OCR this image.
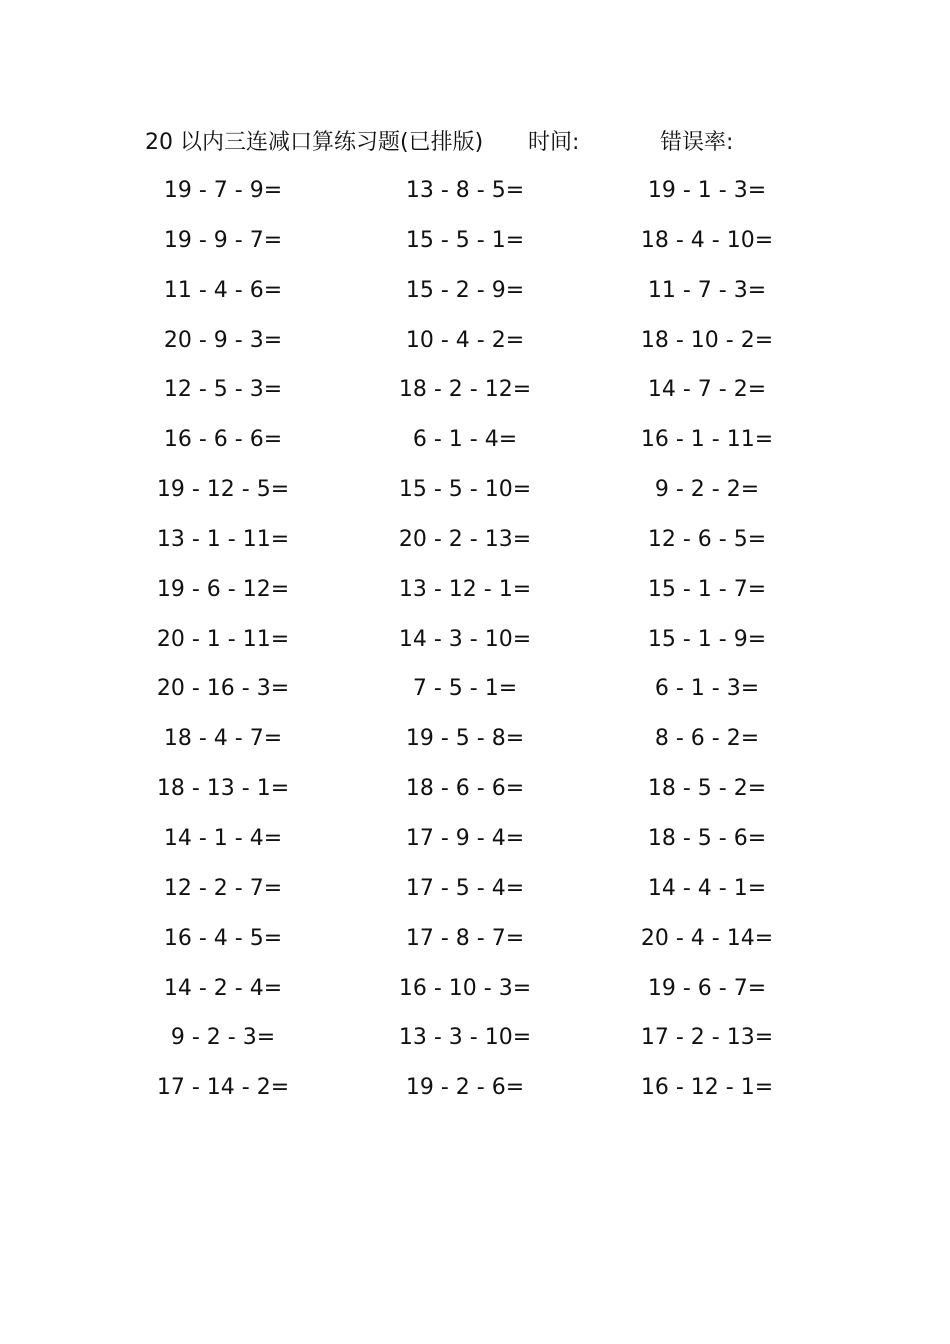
20 以内三连减口算练习题(已排版) 时间:	错误率:
19 - 7 - 9=	13 - 8 - 5=	19 - 1 - 3=
19 - 9 - 7=	15 - 5 - 1=	18 - 4 - 10=
11 - 4 - 6=	15 - 2 - 9=	11 - 7 - 3=
20 - 9 - 3=	10 - 4 - 2=	18 - 10 - 2=
12 - 5 - 3=	18 - 2 - 12=	14 - 7 - 2=
16 - 6 - 6=	6 - 1 - 4=	16 - 1 - 11=
19 - 12 - 5=	15 - 5 - 10=	9 - 2 - 2=
13 - 1 - 11=	20 - 2 - 13=	12 - 6 - 5=
19 - 6 - 12=	13 - 12 - 1=	15 - 1 - 7=
20 - 1 - 11=	14 - 3 - 10=	15 - 1 - 9=
20 - 16 - 3=	7 - 5 - 1=	6 - 1 - 3=
18 - 4 - 7=	19 - 5 - 8=	8 - 6 - 2=
18 - 13 - 1=	18 - 6 - 6=	18 - 5 - 2=
14 - 1 - 4=	17 - 9 - 4=	18 - 5 - 6=
12 - 2 - 7=	17 - 5 - 4=	14 - 4 - 1=
16 - 4 - 5=	17 - 8 - 7=	20 - 4 - 14=
14 - 2 - 4=	16 - 10 - 3=	19 - 6 - 7=
9 - 2 - 3=	13 - 3 - 10=	17 - 2 - 13=
17 - 14 - 2=	19 - 2 - 6=	16 - 12 - 1=
